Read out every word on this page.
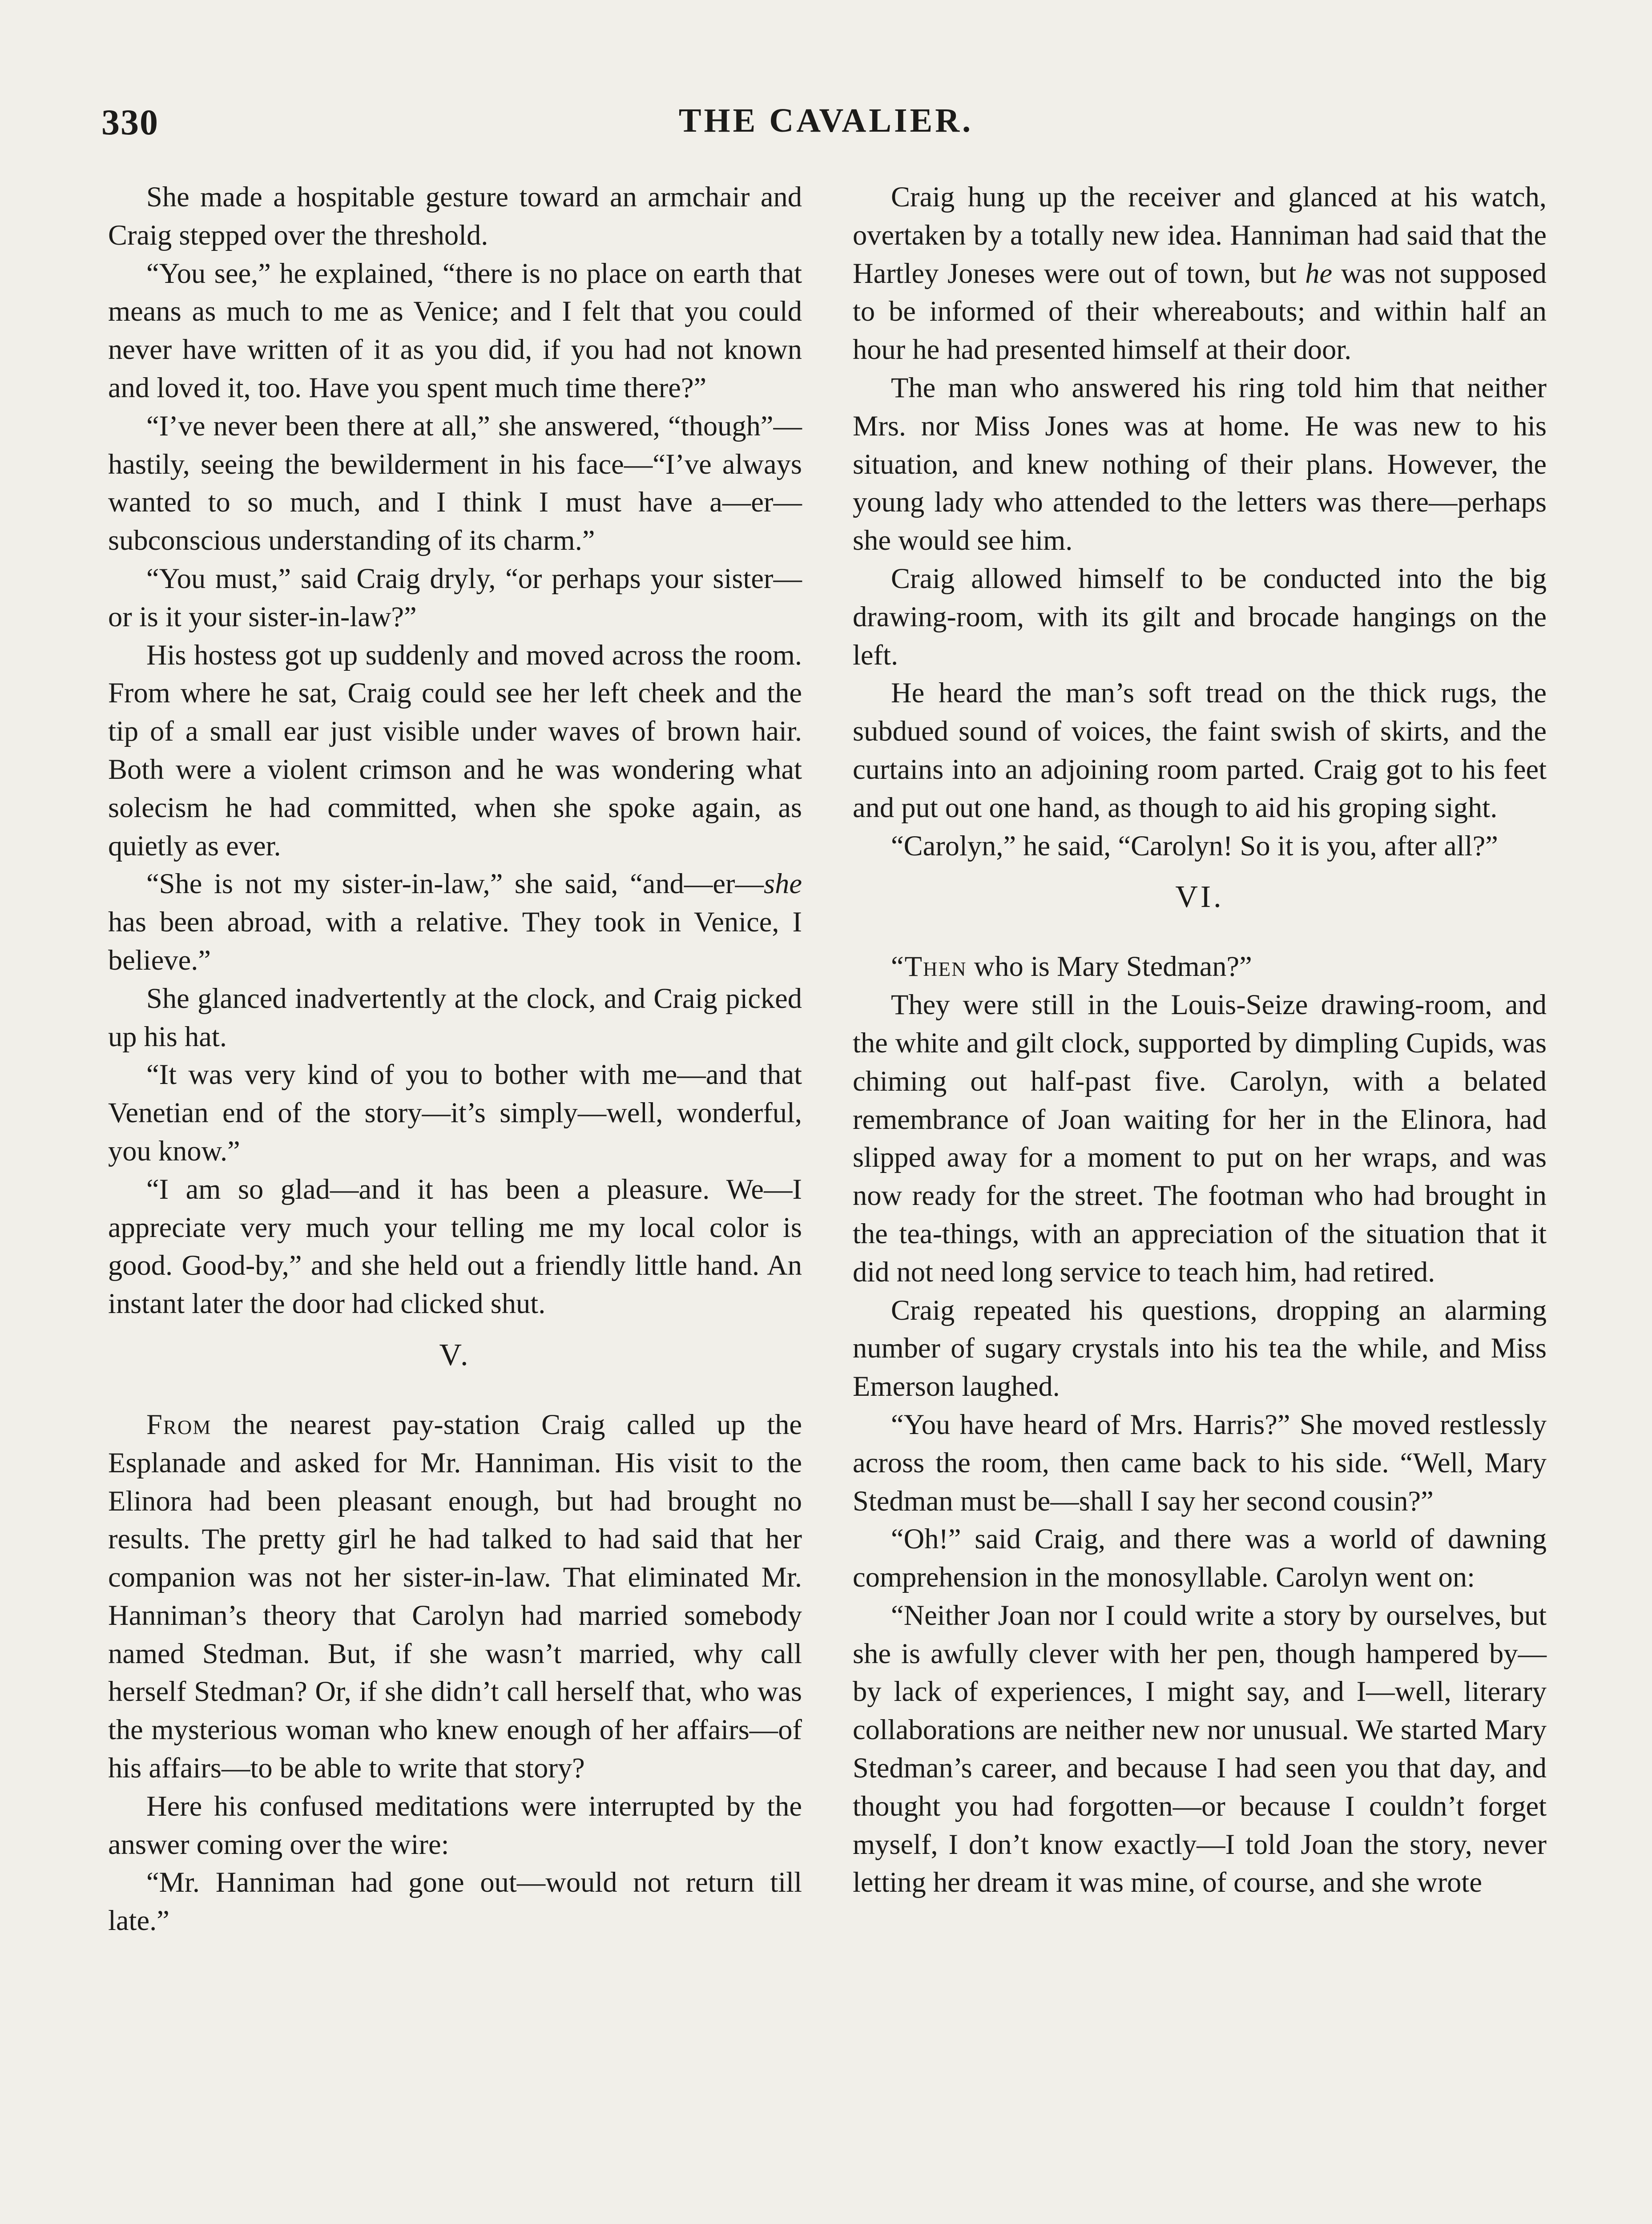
330	THE CAVALIER.

She made a hospitable gesture toward an armchair and Craig stepped over the threshold.

“You see,” he explained, “there is no place on earth that means as much to me as Venice; and I felt that you could never have written of it as you did, if you had not known and loved it, too. Have you spent much time there?”

“I’ve never been there at all,” she answered, “though”—hastily, seeing the bewilderment in his face—“I’ve always wanted to so much, and I think I must have a—er—subconscious understanding of its charm.”

“You must,” said Craig dryly, “or perhaps your sister—or is it your sister-in-law?”

His hostess got up suddenly and moved across the room. From where he sat, Craig could see her left cheek and the tip of a small ear just visible under waves of brown hair. Both were a violent crimson and he was wondering what solecism he had committed, when she spoke again, as quietly as ever.

“She is not my sister-in-law,” she said, “and—er—she has been abroad, with a relative. They took in Venice, I believe.”

She glanced inadvertently at the clock, and Craig picked up his hat.

“It was very kind of you to bother with me—and that Venetian end of the story—it’s simply—well, wonderful, you know.”

“I am so glad—and it has been a pleasure. We—I appreciate very much your telling me my local color is good. Good-by,” and she held out a friendly little hand. An instant later the door had clicked shut.

V.

From the nearest pay-station Craig called up the Esplanade and asked for Mr. Hanniman. His visit to the Elinora had been pleasant enough, but had brought no results. The pretty girl he had talked to had said that her companion was not her sister-in-law. That eliminated Mr. Hanniman’s theory that Carolyn had married somebody named Stedman. But, if she wasn’t married, why call herself Stedman? Or, if she didn’t call herself that, who was the mysterious woman who knew enough of her affairs—of his affairs—to be able to write that story?

Here his confused meditations were interrupted by the answer coming over the wire:

“Mr. Hanniman had gone out—would not return till late.”

Craig hung up the receiver and glanced at his watch, overtaken by a totally new idea. Hanniman had said that the Hartley Joneses were out of town, but he was not supposed to be informed of their whereabouts; and within half an hour he had presented himself at their door.

The man who answered his ring told him that neither Mrs. nor Miss Jones was at home. He was new to his situation, and knew nothing of their plans. However, the young lady who attended to the letters was there—perhaps she would see him.

Craig allowed himself to be conducted into the big drawing-room, with its gilt and brocade hangings on the left.

He heard the man’s soft tread on the thick rugs, the subdued sound of voices, the faint swish of skirts, and the curtains into an adjoining room parted. Craig got to his feet and put out one hand, as though to aid his groping sight.

“Carolyn,” he said, “Carolyn! So it is you, after all?”

VI.

“Then who is Mary Stedman?”

They were still in the Louis-Seize drawing-room, and the white and gilt clock, supported by dimpling Cupids, was chiming out half-past five. Carolyn, with a belated remembrance of Joan waiting for her in the Elinora, had slipped away for a moment to put on her wraps, and was now ready for the street. The footman who had brought in the tea-things, with an appreciation of the situation that it did not need long service to teach him, had retired.

Craig repeated his questions, dropping an alarming number of sugary crystals into his tea the while, and Miss Emerson laughed.

“You have heard of Mrs. Harris?” She moved restlessly across the room, then came back to his side. “Well, Mary Stedman must be—shall I say her second cousin?”

“Oh!” said Craig, and there was a world of dawning comprehension in the monosyllable. Carolyn went on:

“Neither Joan nor I could write a story by ourselves, but she is awfully clever with her pen, though hampered by—by lack of experiences, I might say, and I—well, literary collaborations are neither new nor unusual. We started Mary Stedman’s career, and because I had seen you that day, and thought you had forgotten—or because I couldn’t forget myself, I don’t know exactly—I told Joan the story, never letting her dream it was mine, of course, and she wrote
